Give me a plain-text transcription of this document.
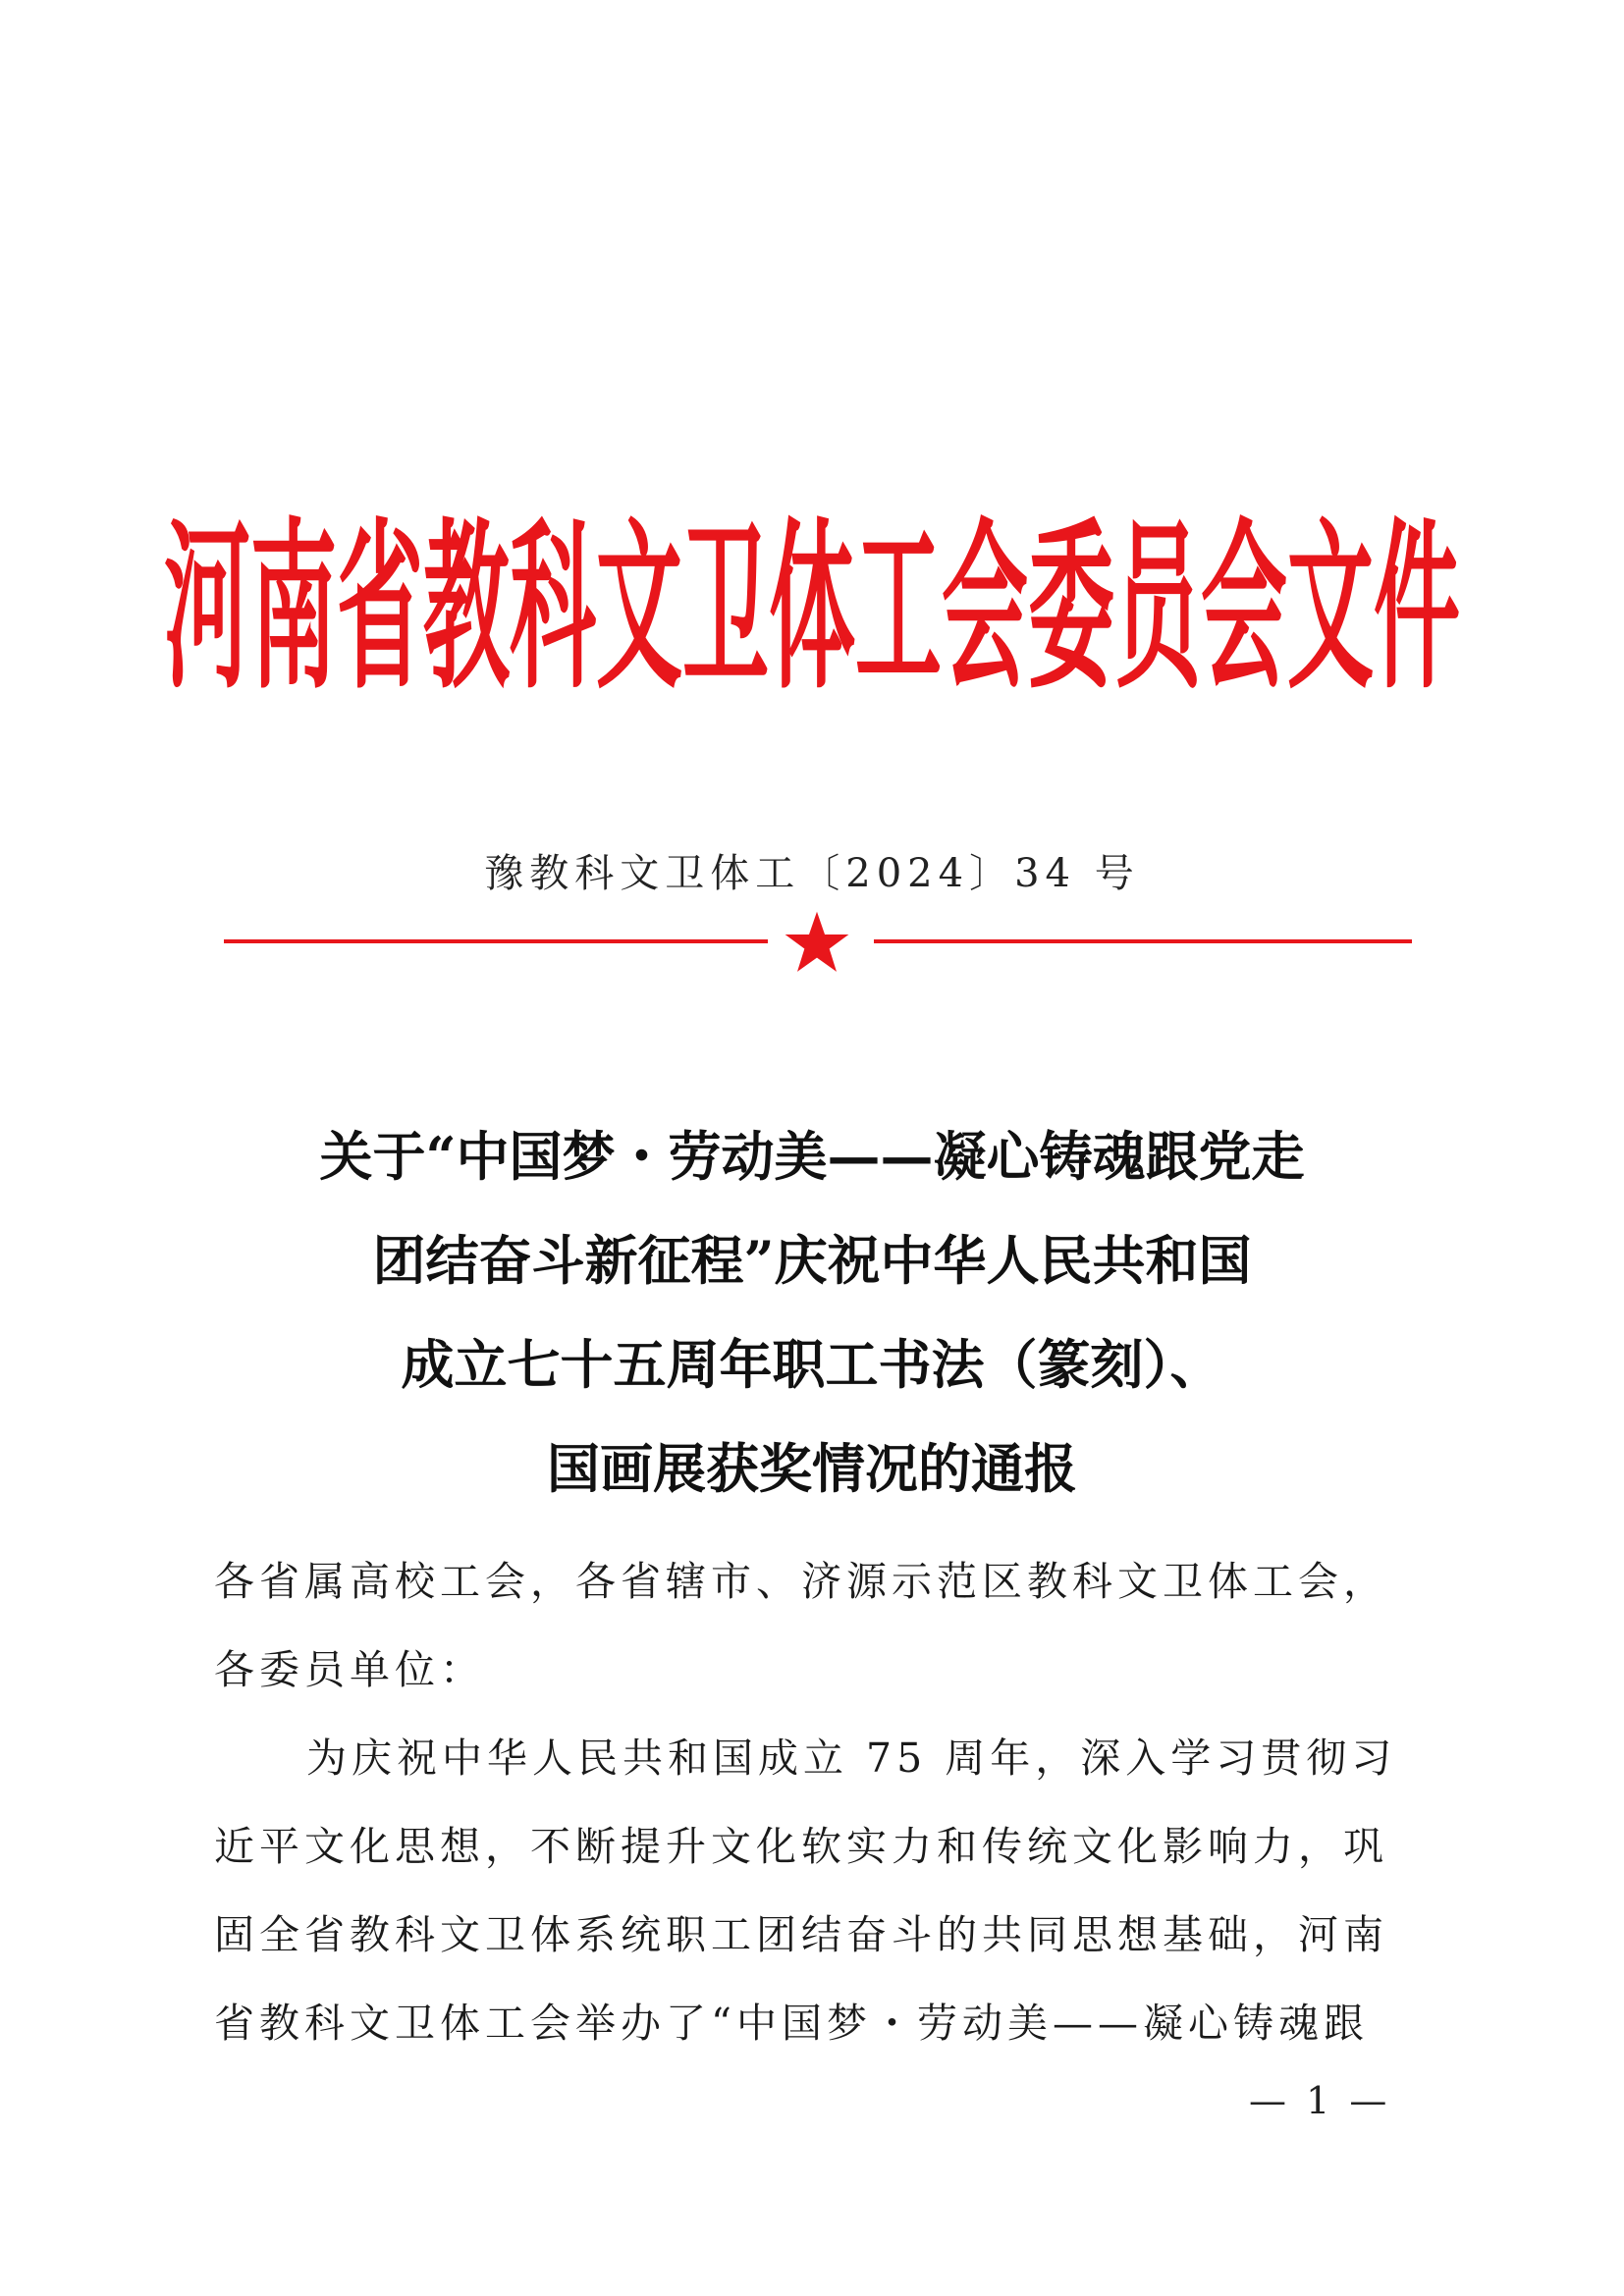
河南省教科文卫体工会委员会文件
豫教科文卫体工〔2024〕34 号
关于“中国梦・劳动美——凝心铸魂跟党走
团结奋斗新征程”庆祝中华人民共和国
成立七十五周年职工书法（篆刻）、
国画展获奖情况的通报
各省属高校工会，各省辖市、济源示范区教科文卫体工会，
各委员单位：
为庆祝中华人民共和国成立 75 周年，深入学习贯彻习
近平文化思想，不断提升文化软实力和传统文化影响力，巩
固全省教科文卫体系统职工团结奋斗的共同思想基础，河南
省教科文卫体工会举办了“中国梦・劳动美——凝心铸魂跟
— 1 —
